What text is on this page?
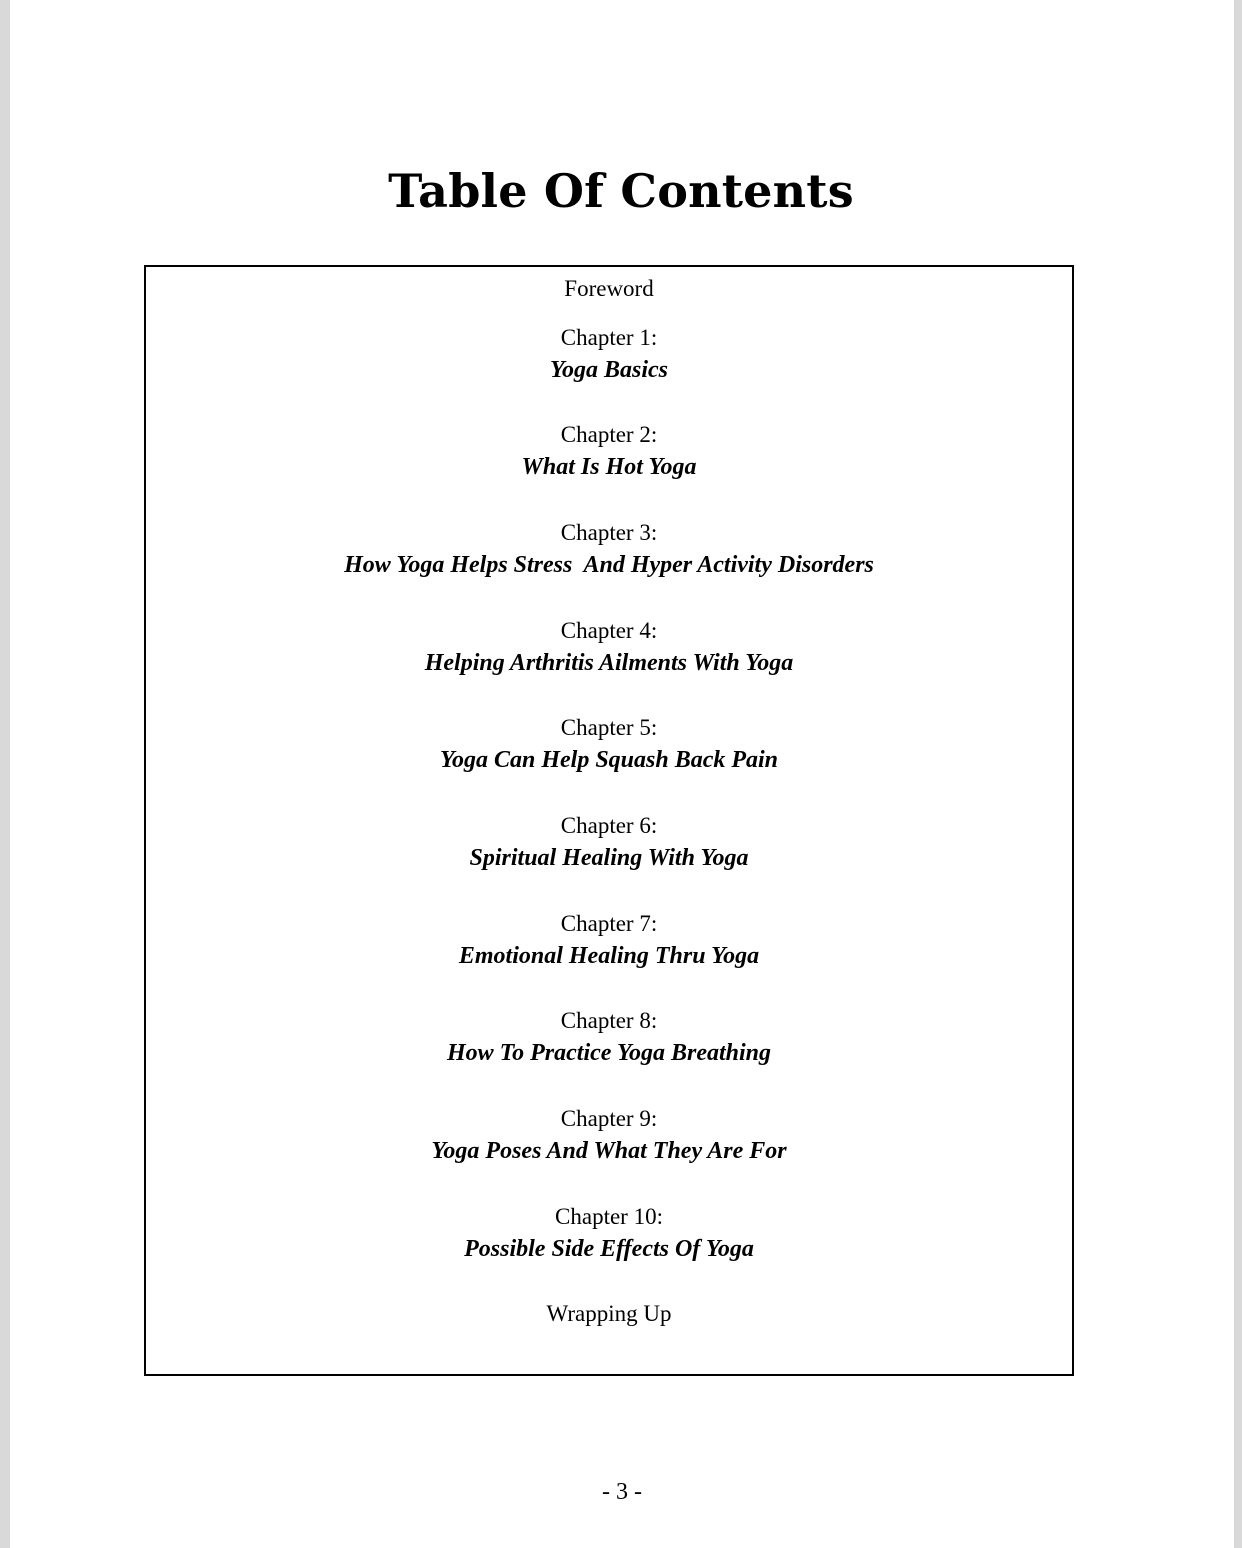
Table Of Contents
Foreword
Chapter 1:
Yoga Basics
Chapter 2:
What Is Hot Yoga
Chapter 3:
How Yoga Helps Stress  And Hyper Activity Disorders
Chapter 4:
Helping Arthritis Ailments With Yoga
Chapter 5:
Yoga Can Help Squash Back Pain
Chapter 6:
Spiritual Healing With Yoga
Chapter 7:
Emotional Healing Thru Yoga
Chapter 8:
How To Practice Yoga Breathing
Chapter 9:
Yoga Poses And What They Are For
Chapter 10:
Possible Side Effects Of Yoga
Wrapping Up
- 3 -
